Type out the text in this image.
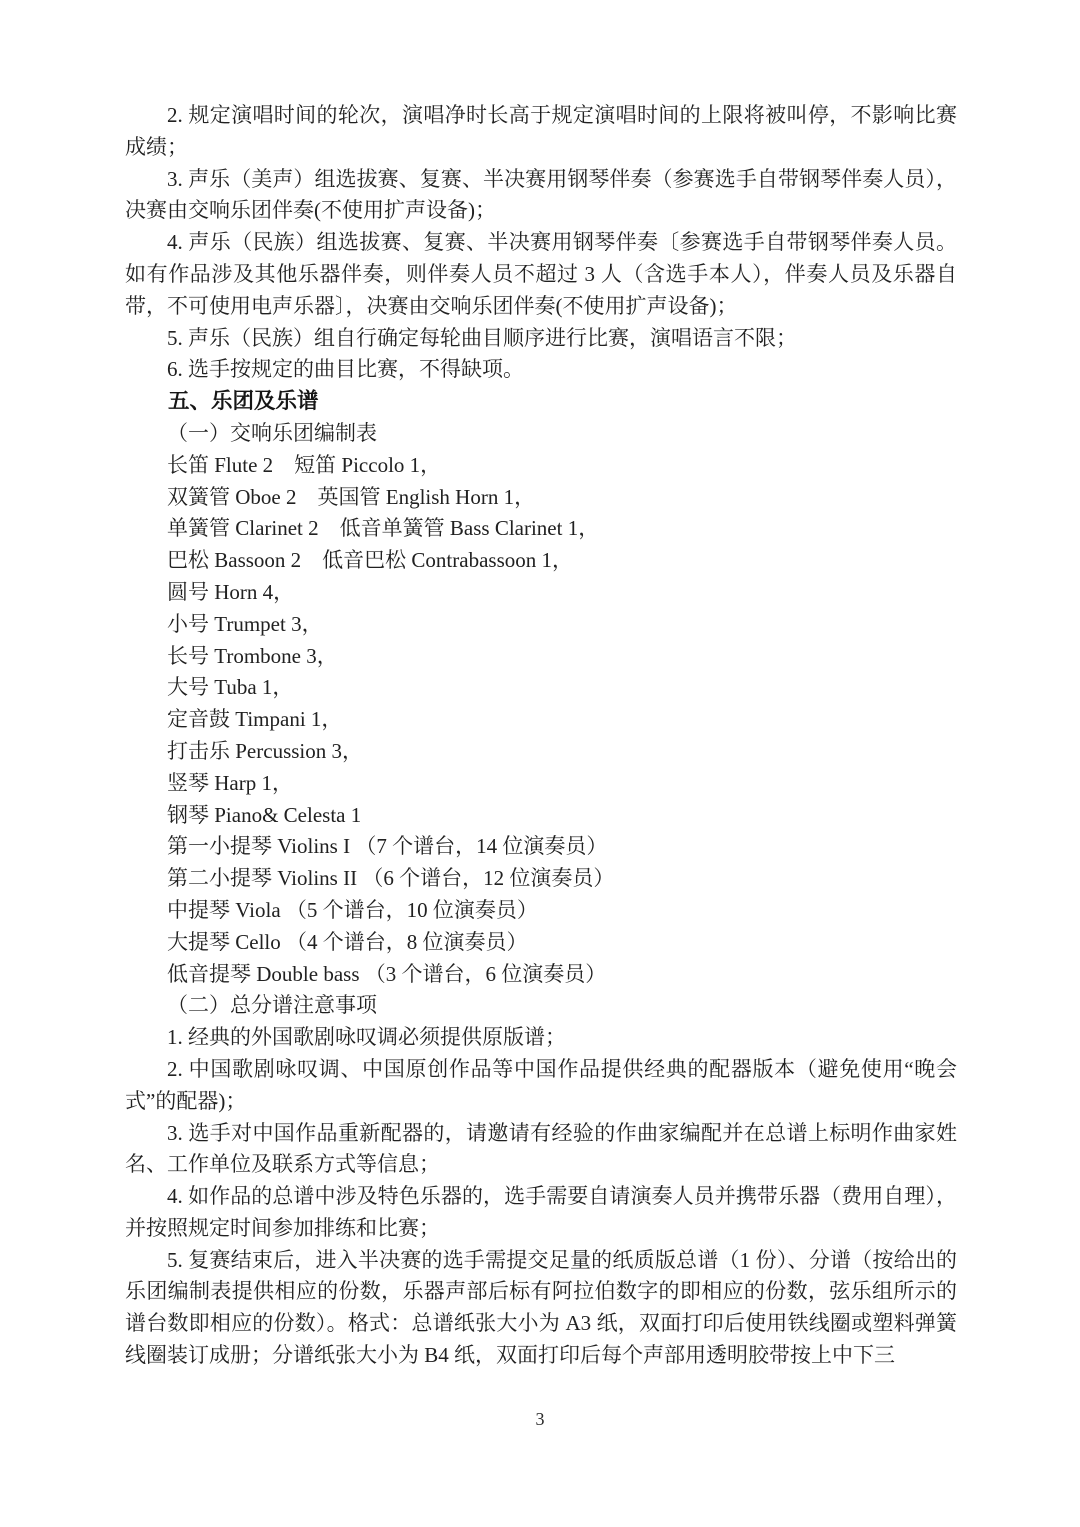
2. 规定演唱时间的轮次，演唱净时长高于规定演唱时间的上限将被叫停，不影响比赛成绩；

3. 声乐（美声）组选拔赛、复赛、半决赛用钢琴伴奏（参赛选手自带钢琴伴奏人员），决赛由交响乐团伴奏(不使用扩声设备)；

4. 声乐（民族）组选拔赛、复赛、半决赛用钢琴伴奏〔参赛选手自带钢琴伴奏人员。如有作品涉及其他乐器伴奏，则伴奏人员不超过 3 人（含选手本人），伴奏人员及乐器自带，不可使用电声乐器〕，决赛由交响乐团伴奏(不使用扩声设备)；

5. 声乐（民族）组自行确定每轮曲目顺序进行比赛，演唱语言不限；

6. 选手按规定的曲目比赛，不得缺项。

五、乐团及乐谱

（一）交响乐团编制表

长笛 Flute 2　短笛 Piccolo 1，

双簧管 Oboe 2　英国管 English Horn 1，

单簧管 Clarinet 2　低音单簧管 Bass Clarinet 1，

巴松 Bassoon 2　低音巴松 Contrabassoon 1，

圆号 Horn 4，

小号 Trumpet 3，

长号 Trombone 3，

大号 Tuba 1，

定音鼓 Timpani 1，

打击乐 Percussion 3，

竖琴 Harp 1，

钢琴 Piano& Celesta 1

第一小提琴 Violins I （7 个谱台，14 位演奏员）

第二小提琴 Violins II （6 个谱台，12 位演奏员）

中提琴 Viola （5 个谱台，10 位演奏员）

大提琴 Cello （4 个谱台，8 位演奏员）

低音提琴 Double bass （3 个谱台，6 位演奏员）

（二）总分谱注意事项

1. 经典的外国歌剧咏叹调必须提供原版谱；

2. 中国歌剧咏叹调、中国原创作品等中国作品提供经典的配器版本（避免使用“晚会式”的配器)；

3. 选手对中国作品重新配器的，请邀请有经验的作曲家编配并在总谱上标明作曲家姓名、工作单位及联系方式等信息；

4. 如作品的总谱中涉及特色乐器的，选手需要自请演奏人员并携带乐器（费用自理），并按照规定时间参加排练和比赛；

5. 复赛结束后，进入半决赛的选手需提交足量的纸质版总谱（1 份）、分谱（按给出的乐团编制表提供相应的份数，乐器声部后标有阿拉伯数字的即相应的份数，弦乐组所示的谱台数即相应的份数）。格式：总谱纸张大小为 A3 纸，双面打印后使用铁线圈或塑料弹簧线圈装订成册；分谱纸张大小为 B4 纸，双面打印后每个声部用透明胶带按上中下三

3
